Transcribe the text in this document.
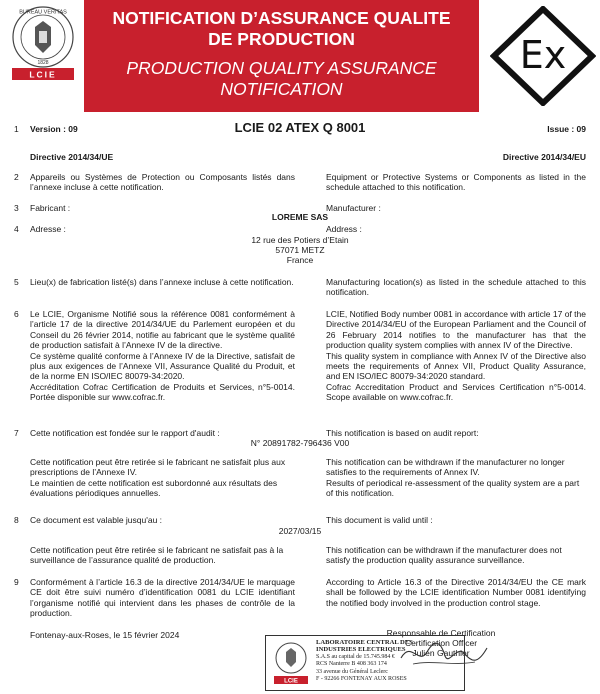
BUREAU VERITAS
1828
LCIE
NOTIFICATION D’ASSURANCE QUALITE
DE PRODUCTION
PRODUCTION QUALITY ASSURANCE
NOTIFICATION
Ex
1 Version : 09	LCIE 02 ATEX Q 8001	Issue : 09
Directive 2014/34/UE	Directive 2014/34/EU
2 Appareils ou Systèmes de Protection ou Composants listés dans l’annexe incluse à cette notification.
Equipment or Protective Systems or Components as listed in the schedule attached to this notification.
3 Fabricant :	Manufacturer :
LOREME SAS
4 Adresse :	Address :
12 rue des Potiers d’Etain
57071 METZ
France
5 Lieu(x) de fabrication listé(s) dans l’annexe incluse à cette notification.	Manufacturing location(s) as listed in the schedule attached to this notification.
6 Le LCIE, Organisme Notifié sous la référence 0081 conformément à l’article 17 de la directive 2014/34/UE du Parlement européen et du Conseil du 26 février 2014, notifie au fabricant que le système qualité de production satisfait à l’Annexe IV de la directive.
Ce système qualité conforme à l’Annexe IV de la Directive, satisfait de plus aux exigences de l’Annexe VII, Assurance Qualité du Produit, et de la norme EN ISO/IEC 80079-34:2020.
Accréditation Cofrac Certification de Produits et Services, n°5-0014. Portée disponible sur www.cofrac.fr.
LCIE, Notified Body number 0081 in accordance with article 17 of the Directive 2014/34/EU of the European Parliament and the Council of 26 February 2014 notifies to the manufacturer has that the production quality system complies with annex IV of the Directive.
This quality system in compliance with Annex IV of the Directive also meets the requirements of Annex VII, Product Quality Assurance, and EN ISO/IEC 80079-34:2020 standard.
Cofrac Accreditation Product and Services Certification n°5-0014. Scope available on www.cofrac.fr.
7 Cette notification est fondée sur le rapport d'audit :	This notification is based on audit report:
N° 20891782-796436 V00
Cette notification peut être retirée si le fabricant ne satisfait plus aux prescriptions de l’Annexe IV.
Le maintien de cette notification est subordonné aux résultats des évaluations périodiques annuelles.
This notification can be withdrawn if the manufacturer no longer satisfies to the requirements of Annex IV.
Results of periodical re-assessment of the quality system are a part of this notification.
8 Ce document est valable jusqu'au :	This document is valid until :
2027/03/15
Cette notification peut être retirée si le fabricant ne satisfait pas à la surveillance de l’assurance qualité de production.
This notification can be withdrawn if the manufacturer does not satisfy the production quality assurance surveillance.
9 Conformément à l’article 16.3 de la directive 2014/34/UE le marquage CE doit être suivi numéro d’identification 0081 du LCIE identifiant l’organisme notifié qui intervient dans les phases de contrôle de la production.
According to Article 16.3 of the Directive 2014/34/EU the CE mark shall be followed by the LCIE identification Number 0081 identifying the notified body involved in the production control stage.
Fontenay-aux-Roses, le 15 février 2024	Responsable de Certification
Certification Officer
Julien Gauthier
LCIE
LABORATOIRE CENTRAL DES
INDUSTRIES ELECTRIQUES
S.A.S au capital de 15.745.984 €
RCS Nanterre B 408 363 174
33 avenue du Général Leclerc
F - 92266 FONTENAY AUX ROSES
